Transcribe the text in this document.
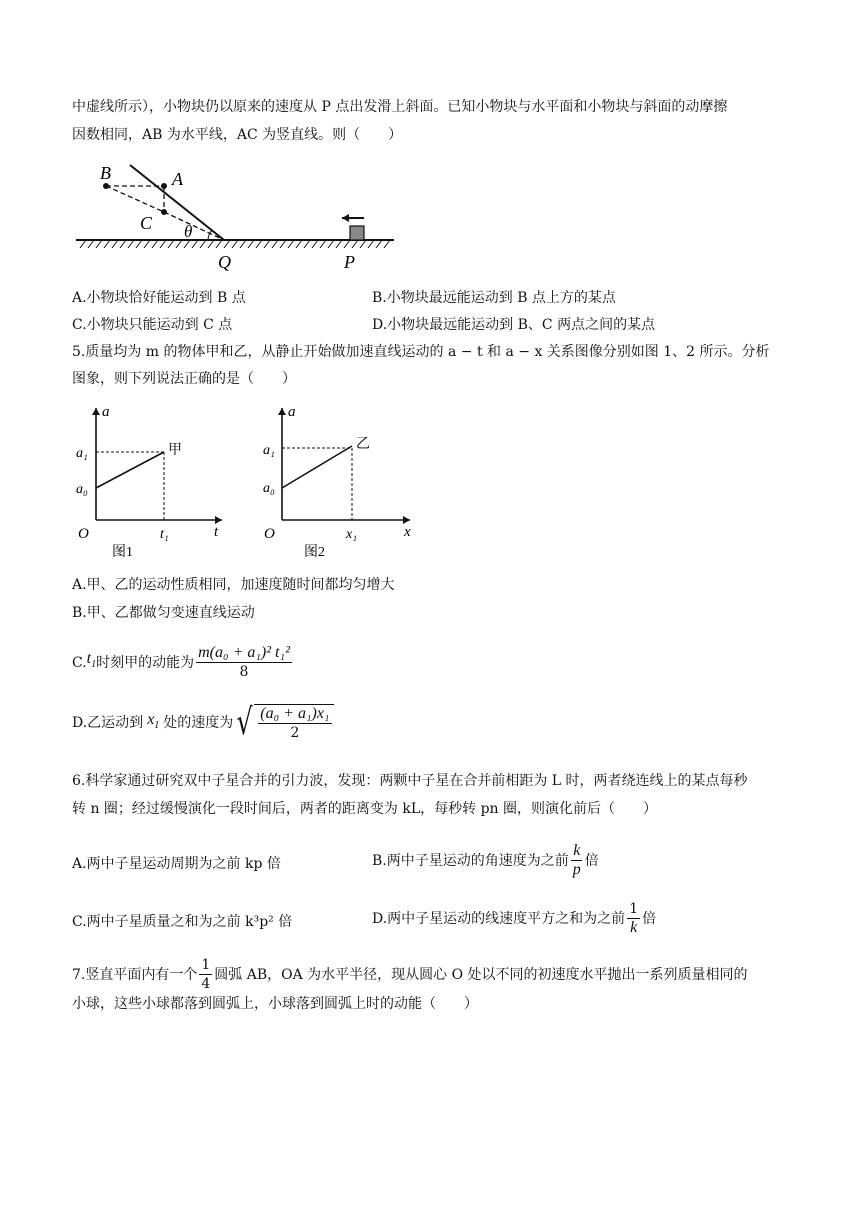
中虚线所示），小物块仍以原来的速度从 P 点出发滑上斜面。已知小物块与水平面和小物块与斜面的动摩擦
因数相同，AB 为水平线，AC 为竖直线。则（　　）
B	A
C θ
Q	P
A.小物块恰好能运动到 B 点	B.小物块最远能运动到 B 点上方的某点
C.小物块只能运动到 C 点	D.小物块最远能运动到 B、C 两点之间的某点
5.质量均为 m 的物体甲和乙，从静止开始做加速直线运动的 a − t 和 a − x 关系图像分别如图 1、2 所示。分析
图象，则下列说法正确的是（　　）
a
a₁
a₀
O	t₁	t
甲
图1
a
a₁
a₀
O	x₁	x
乙
图2
A.甲、乙的运动性质相同，加速度随时间都均匀增大
B.甲、乙都做匀变速直线运动
C. $t_1$ 时刻甲的动能为 $\frac{\text{m(a₀ + a₁)² t₁²}}{8}$
D.乙运动到 $x_1$ 处的速度为 √ $\frac{\text{(a₀ + a₁)x₁}}{2}$
6.科学家通过研究双中子星合并的引力波，发现：两颗中子星在合并前相距为 L 时，两者绕连线上的某点每秒
转 n 圈；经过缓慢演化一段时间后，两者的距离变为 kL，每秒转 pn 圈，则演化前后（　　）
A.两中子星运动周期为之前 kp 倍	B.两中子星运动的角速度为之前 $\frac{k}{p}$ 倍
C.两中子星质量之和为之前 k³p² 倍	D.两中子星运动的线速度平方之和为之前 $\frac{1}{k}$ 倍
7.竖直平面内有一个 $\frac{1}{4}$ 圆弧 AB，OA 为水平半径，现从圆心 O 处以不同的初速度水平抛出一系列质量相同的
小球，这些小球都落到圆弧上，小球落到圆弧上时的动能（　　）
